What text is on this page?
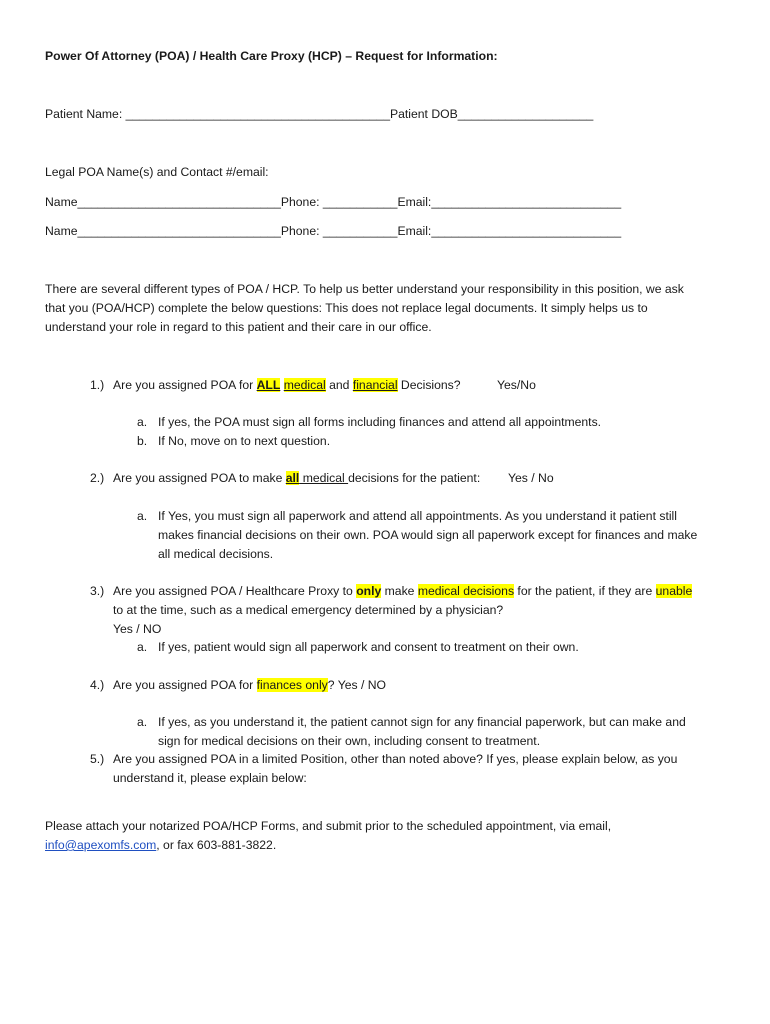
Power Of Attorney (POA) / Health Care Proxy (HCP) – Request for Information:
Patient Name: _______________________________________Patient DOB____________________
Legal POA Name(s) and Contact #/email:
Name______________________________Phone: ___________Email:____________________________
Name______________________________Phone: ___________Email:____________________________
There are several different types of POA / HCP. To help us better understand your responsibility in this position, we ask
that you (POA/HCP) complete the below questions: This does not replace legal documents. It simply helps us to
understand your role in regard to this patient and their care in our office.
1.) Are you assigned POA for ALL medical and financial Decisions?	Yes/No
a. If yes, the POA must sign all forms including finances and attend all appointments.
b. If No, move on to next question.
2.) Are you assigned POA to make all medical decisions for the patient: Yes / No
a. If Yes, you must sign all paperwork and attend all appointments. As you understand it patient still
makes financial decisions on their own. POA would sign all paperwork except for finances and make
all medical decisions.
3.) Are you assigned POA / Healthcare Proxy to only make medical decisions for the patient, if they are unable
to at the time, such as a medical emergency determined by a physician?
Yes / NO
a. If yes, patient would sign all paperwork and consent to treatment on their own.
4.) Are you assigned POA for finances only? Yes / NO
a. If yes, as you understand it, the patient cannot sign for any financial paperwork, but can make and
sign for medical decisions on their own, including consent to treatment.
5.) Are you assigned POA in a limited Position, other than noted above? If yes, please explain below, as you
understand it, please explain below:
Please attach your notarized POA/HCP Forms, and submit prior to the scheduled appointment, via email,
info@apexomfs.com, or fax 603-881-3822.
